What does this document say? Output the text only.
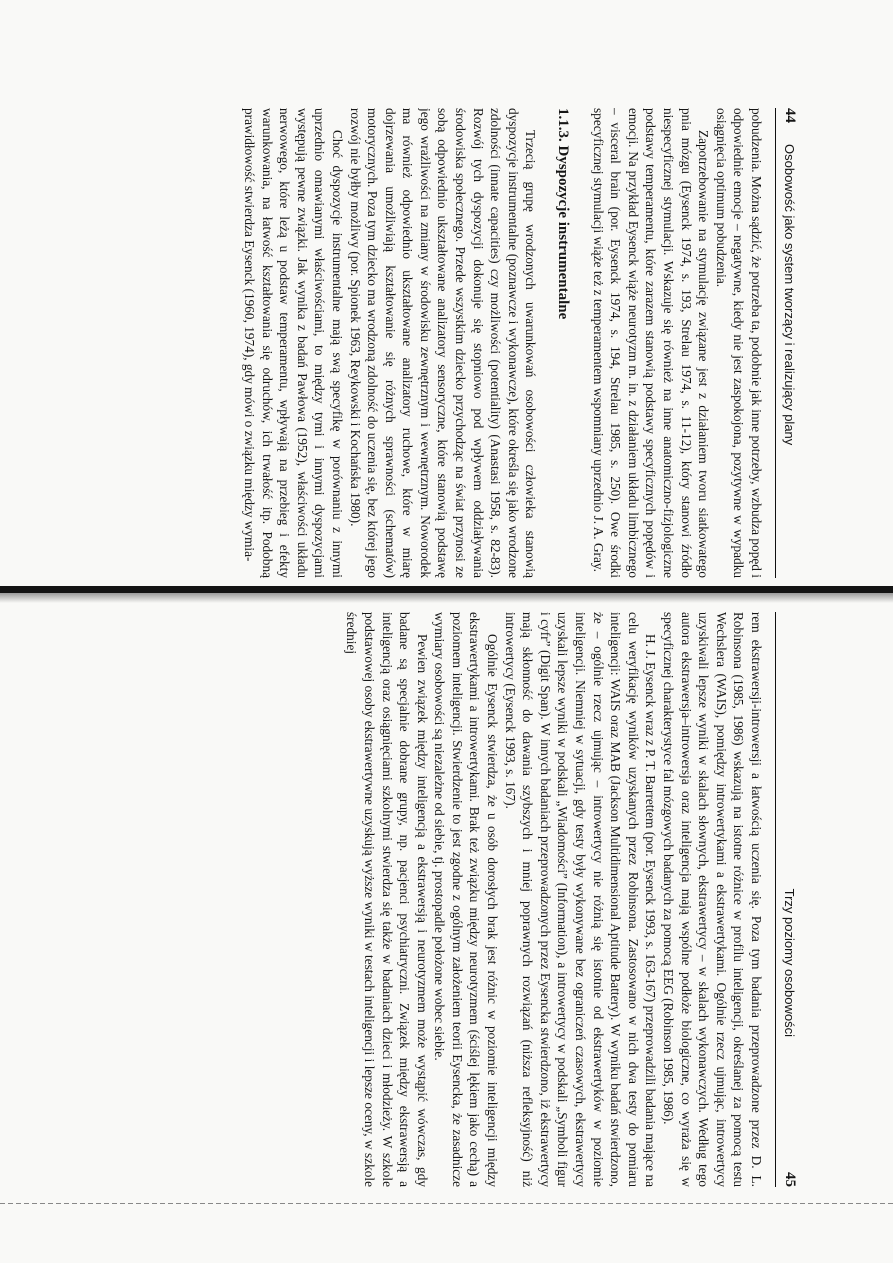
44
Osobowość jako system tworzący i realizujący plany

pobudzenia. Można sądzić, że potrzeba ta, podobnie jak inne potrzeby, wzbudza popęd i odpowiednie emocje – negatywne, kiedy nie jest zaspokojona, pozytywne w wypadku osiągnięcia optimum pobudzenia.

Zapotrzebowanie na stymulację związane jest z działaniem tworu siatkowatego pnia mózgu (Eysenck 1974, s. 193, Strelau 1974, s. 11-12), który stanowi źródło niespecyficznej stymulacji. Wskazuje się również na inne anatomiczno-fizjologiczne podstawy temperamentu, które zarazem stanowią podstawy specyficznych popędów i emocji. Na przykład Eysenck wiąże neurotyzm m. in. z działaniem układu limbicznego – visceral brain (por. Eysenck 1974, s. 194, Strelau 1985, s. 250). Owe środki specyficznej stymulacji wiąże też z temperamentem wspomniany uprzednio J. A. Gray.

1.1.3. Dyspozycje instrumentalne

Trzecią grupę wrodzonych uwarunkowań osobowości człowieka stanowią dyspozycje instrumentalne (poznawcze i wykonawcze), które określa się jako wrodzone zdolności (innate capacities) czy możliwości (potentiality) (Anastasi 1958, s. 82-83). Rozwój tych dyspozycji dokonuje się stopniowo pod wpływem oddziaływania środowiska społecznego. Przede wszystkim dziecko przychodząc na świat przynosi ze sobą odpowiednio ukształtowane analizatory sensoryczne, które stanowią podstawę jego wrażliwości na zmiany w środowisku zewnętrznym i wewnętrznym. Noworodek ma również odpowiednio ukształtowane analizatory ruchowe, które w miarę dojrzewania umożliwiają kształtowanie się różnych sprawności (schematów) motorycznych. Poza tym dziecko ma wrodzoną zdolność do uczenia się, bez której jego rozwój nie byłby możliwy (por. Spionek 1963, Reykowski i Kochańska 1980).

Choć dyspozycje instrumentalne mają swą specyfikę w porównaniu z innymi uprzednio omawianymi właściwościami, to między tymi i innymi dyspozycjami występują pewne związki. Jak wynika z badań Pawłowa (1952), właściwości układu nerwowego, które leżą u podstaw temperamentu, wpływają na przebieg i efekty warunkowania, na łatwość kształtowania się odruchów, ich trwałość itp. Podobną prawidłowość stwierdza Eysenck (1960, 1974), gdy mówi o związku między wymia-

Trzy poziomy osobowości
45

rem ekstrawersji-introwersji a łatwością uczenia się. Poza tym badania przeprowadzone przez D. L. Robinsona (1985, 1986) wskazują na istotne różnice w profilu inteligencji, określanej za pomocą testu Wechslera (WAIS), pomiędzy introwertykami a ekstrawertykami. Ogólnie rzecz ujmując, introwertycy uzyskiwali lepsze wyniki w skalach słownych, ekstrawertycy – w skalach wykonawczych. Według tego autora ekstrawersja–introwersja oraz inteligencja mają wspólne podłoże biologiczne, co wyraża się w specyficznej charakterystyce fal mózgowych badanych za pomocą EEG (Robinson 1985, 1986).

H. J. Eysenck wraz z P. T. Barrettem (por. Eysenck 1993, s. 163-167) przeprowadzili badania mające na celu weryfikację wyników uzyskanych przez Robinsona. Zastosowano w nich dwa testy do pomiaru inteligencji: WAIS oraz MAB (Jackson Multidimensional Aptitude Battery). W wyniku badań stwierdzono, że – ogólnie rzecz ujmując – introwertycy nie różnią się istotnie od ekstrawertyków w poziomie inteligencji. Niemniej w sytuacji, gdy testy były wykonywane bez ograniczeń czasowych, ekstrawertycy uzyskali lepsze wyniki w podskali „Wiadomości” (Information), a introwertycy w podskali „Symboli figur i cyfr” (Digit Span). W innych badaniach przeprowadzonych przez Eysencka stwierdzono, iż ekstrawertycy mają skłonność do dawania szybszych i mniej poprawnych rozwiązań (niższa refleksyjność) niż introwertycy (Eysenck 1993, s. 167).

Ogólnie Eysenck stwierdza, że u osób dorosłych brak jest różnic w poziomie inteligencji między ekstrawertykami a introwertykami. Brak też związku między neurotyzmem (ściślej lękiem jako cechą) a poziomem inteligencji. Stwierdzenie to jest zgodne z ogólnym założeniem teorii Eysencka, że zasadnicze wymiary osobowości są niezależne od siebie, tj. prostopadle położone wobec siebie.

Pewien związek między inteligencją a ekstrawersją i neurotyzmem może wystąpić wówczas, gdy badane są specjalnie dobrane grupy, np. pacjenci psychiatryczni. Związek między ekstrawersją a inteligencją oraz osiągnięciami szkolnymi stwierdza się także w badaniach dzieci i młodzieży. W szkole podstawowej osoby ekstrawertywne uzyskują wyższe wyniki w testach inteligencji i lepsze oceny, w szkole średniej
